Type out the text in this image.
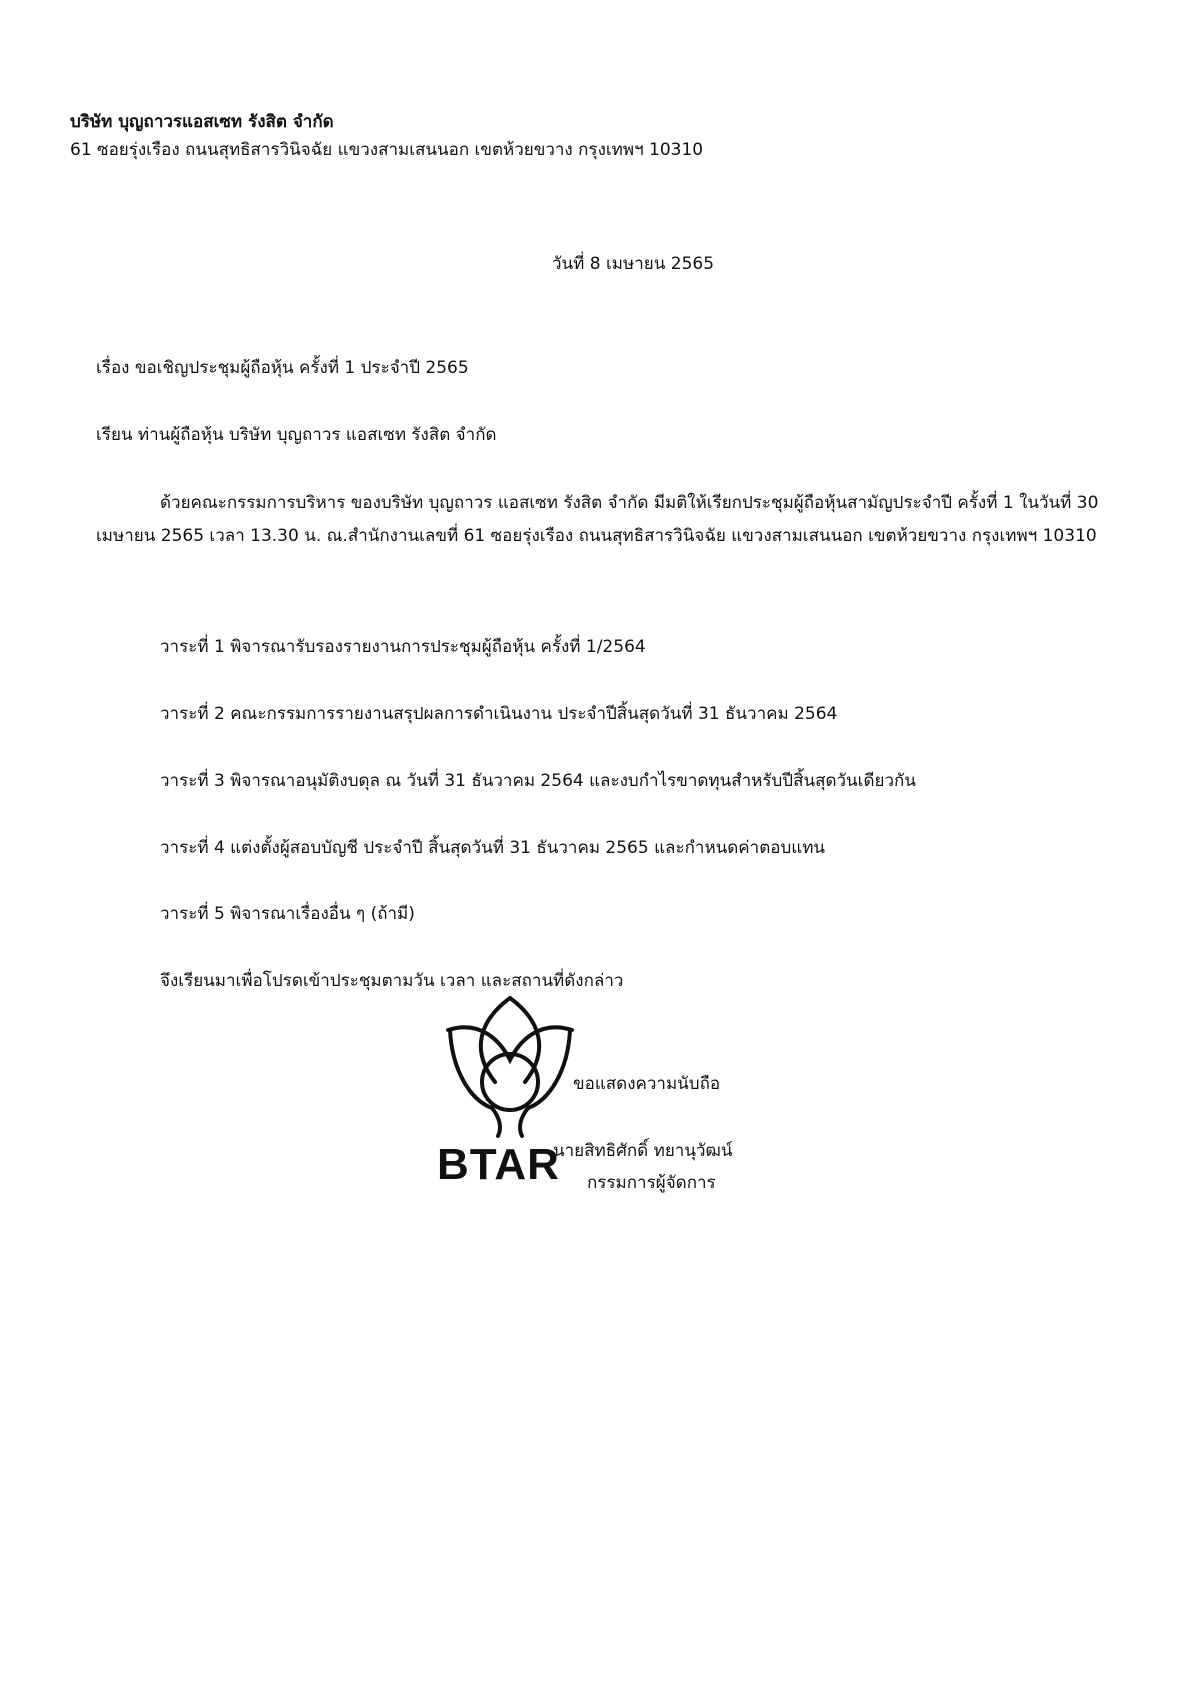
บริษัท บุญถาวรแอสเซท รังสิต จำกัด
61 ซอยรุ่งเรือง ถนนสุทธิสารวินิจฉัย แขวงสามเสนนอก เขตห้วยขวาง กรุงเทพฯ 10310
วันที่ 8 เมษายน 2565
เรื่อง ขอเชิญประชุมผู้ถือหุ้น ครั้งที่ 1 ประจำปี 2565
เรียน ท่านผู้ถือหุ้น บริษัท บุญถาวร แอสเซท รังสิต จำกัด
ด้วยคณะกรรมการบริหาร ของบริษัท บุญถาวร แอสเซท รังสิต จำกัด มีมติให้เรียกประชุมผู้ถือหุ้นสามัญประจำปี ครั้งที่ 1 ในวันที่ 30 เมษายน 2565 เวลา 13.30 น. ณ.สำนักงานเลขที่ 61 ซอยรุ่งเรือง ถนนสุทธิสารวินิจฉัย แขวงสามเสนนอก เขตห้วยขวาง กรุงเทพฯ 10310
วาระที่ 1 พิจารณารับรองรายงานการประชุมผู้ถือหุ้น ครั้งที่ 1/2564
วาระที่ 2 คณะกรรมการรายงานสรุปผลการดำเนินงาน ประจำปีสิ้นสุดวันที่ 31 ธันวาคม 2564
วาระที่ 3 พิจารณาอนุมัติงบดุล ณ วันที่ 31 ธันวาคม 2564 และงบกำไรขาดทุนสำหรับปีสิ้นสุดวันเดียวกัน
วาระที่ 4 แต่งตั้งผู้สอบบัญชี ประจำปี สิ้นสุดวันที่ 31 ธันวาคม 2565 และกำหนดค่าตอบแทน
วาระที่ 5 พิจารณาเรื่องอื่น ๆ (ถ้ามี)
จึงเรียนมาเพื่อโปรดเข้าประชุมตามวัน เวลา และสถานที่ดังกล่าว
BTAR
ขอแสดงความนับถือ
นายสิทธิศักดิ์ ทยานุวัฒน์
กรรมการผู้จัดการ
